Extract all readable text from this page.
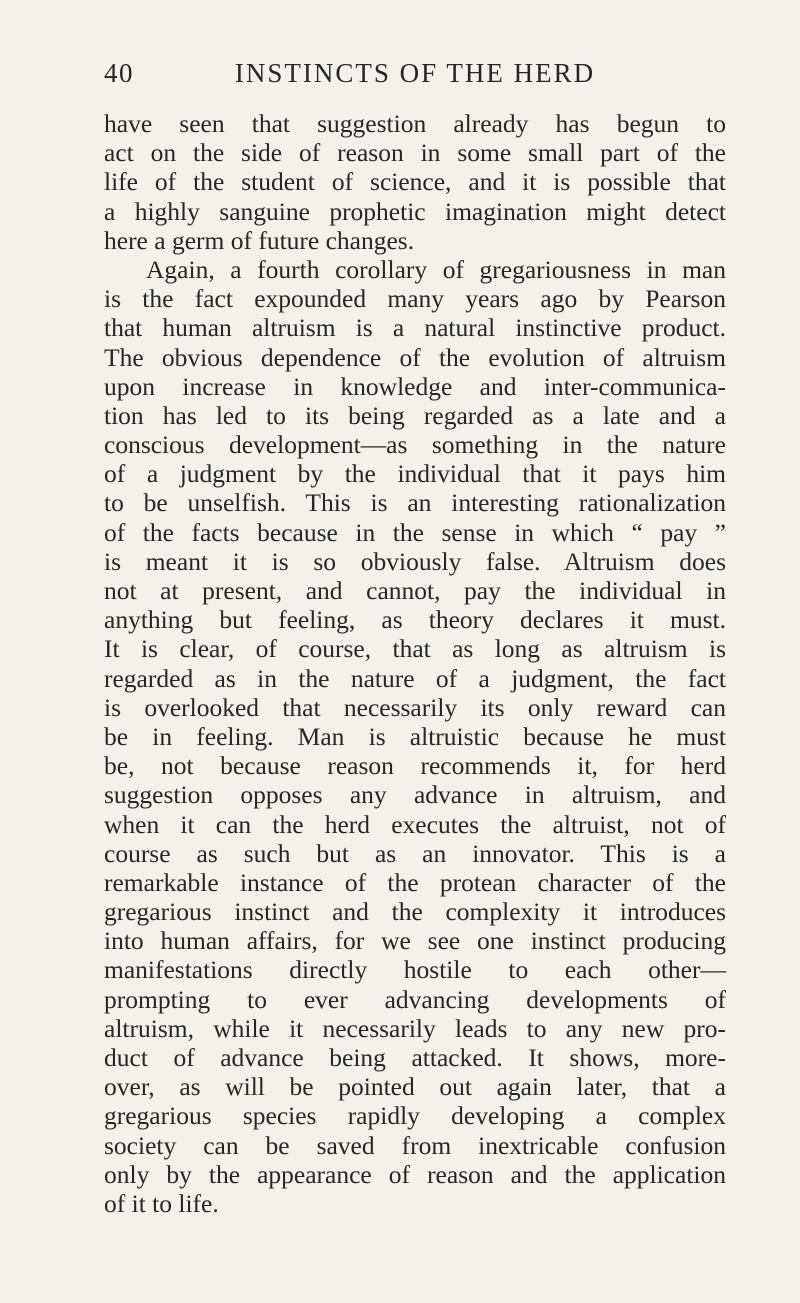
40	INSTINCTS OF THE HERD
have seen that suggestion already has begun to
act on the side of reason in some small part of the
life of the student of science, and it is possible that
a highly sanguine prophetic imagination might detect
here a germ of future changes.
Again, a fourth corollary of gregariousness in man
is the fact expounded many years ago by Pearson
that human altruism is a natural instinctive product.
The obvious dependence of the evolution of altruism
upon increase in knowledge and inter-communica-
tion has led to its being regarded as a late and a
conscious development—as something in the nature
of a judgment by the individual that it pays him
to be unselfish. This is an interesting rationalization
of the facts because in the sense in which “ pay ”
is meant it is so obviously false. Altruism does
not at present, and cannot, pay the individual in
anything but feeling, as theory declares it must.
It is clear, of course, that as long as altruism is
regarded as in the nature of a judgment, the fact
is overlooked that necessarily its only reward can
be in feeling. Man is altruistic because he must
be, not because reason recommends it, for herd
suggestion opposes any advance in altruism, and
when it can the herd executes the altruist, not of
course as such but as an innovator. This is a
remarkable instance of the protean character of the
gregarious instinct and the complexity it introduces
into human affairs, for we see one instinct producing
manifestations directly hostile to each other—
prompting to ever advancing developments of
altruism, while it necessarily leads to any new pro-
duct of advance being attacked. It shows, more-
over, as will be pointed out again later, that a
gregarious species rapidly developing a complex
society can be saved from inextricable confusion
only by the appearance of reason and the application
of it to life.
